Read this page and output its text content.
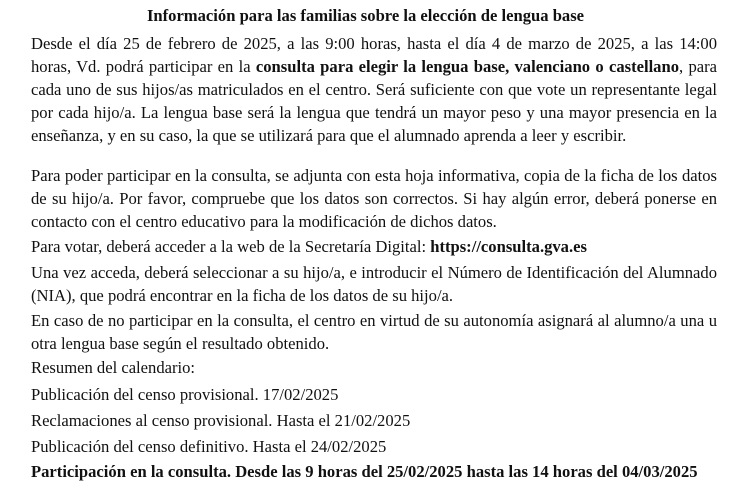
Información para las familias sobre la elección de lengua base

Desde el día 25 de febrero de 2025, a las 9:00 horas, hasta el día 4 de marzo de 2025, a las 14:00 horas, Vd. podrá participar en la consulta para elegir la lengua base, valenciano o castellano, para cada uno de sus hijos/as matriculados en el centro. Será suficiente con que vote un representante legal por cada hijo/a. La lengua base será la lengua que tendrá un mayor peso y una mayor presencia en la enseñanza, y en su caso, la que se utilizará para que el alumnado aprenda a leer y escribir.

Para poder participar en la consulta, se adjunta con esta hoja informativa, copia de la ficha de los datos de su hijo/a. Por favor, compruebe que los datos son correctos. Si hay algún error, deberá ponerse en contacto con el centro educativo para la modificación de dichos datos.

Para votar, deberá acceder a la web de la Secretaría Digital: https://consulta.gva.es

Una vez acceda, deberá seleccionar a su hijo/a, e introducir el Número de Identificación del Alumnado (NIA), que podrá encontrar en la ficha de los datos de su hijo/a.

En caso de no participar en la consulta, el centro en virtud de su autonomía asignará al alumno/a una u otra lengua base según el resultado obtenido.

Resumen del calendario:

Publicación del censo provisional. 17/02/2025

Reclamaciones al censo provisional. Hasta el 21/02/2025

Publicación del censo definitivo. Hasta el 24/02/2025

Participación en la consulta. Desde las 9 horas del 25/02/2025 hasta las 14 horas del 04/03/2025
